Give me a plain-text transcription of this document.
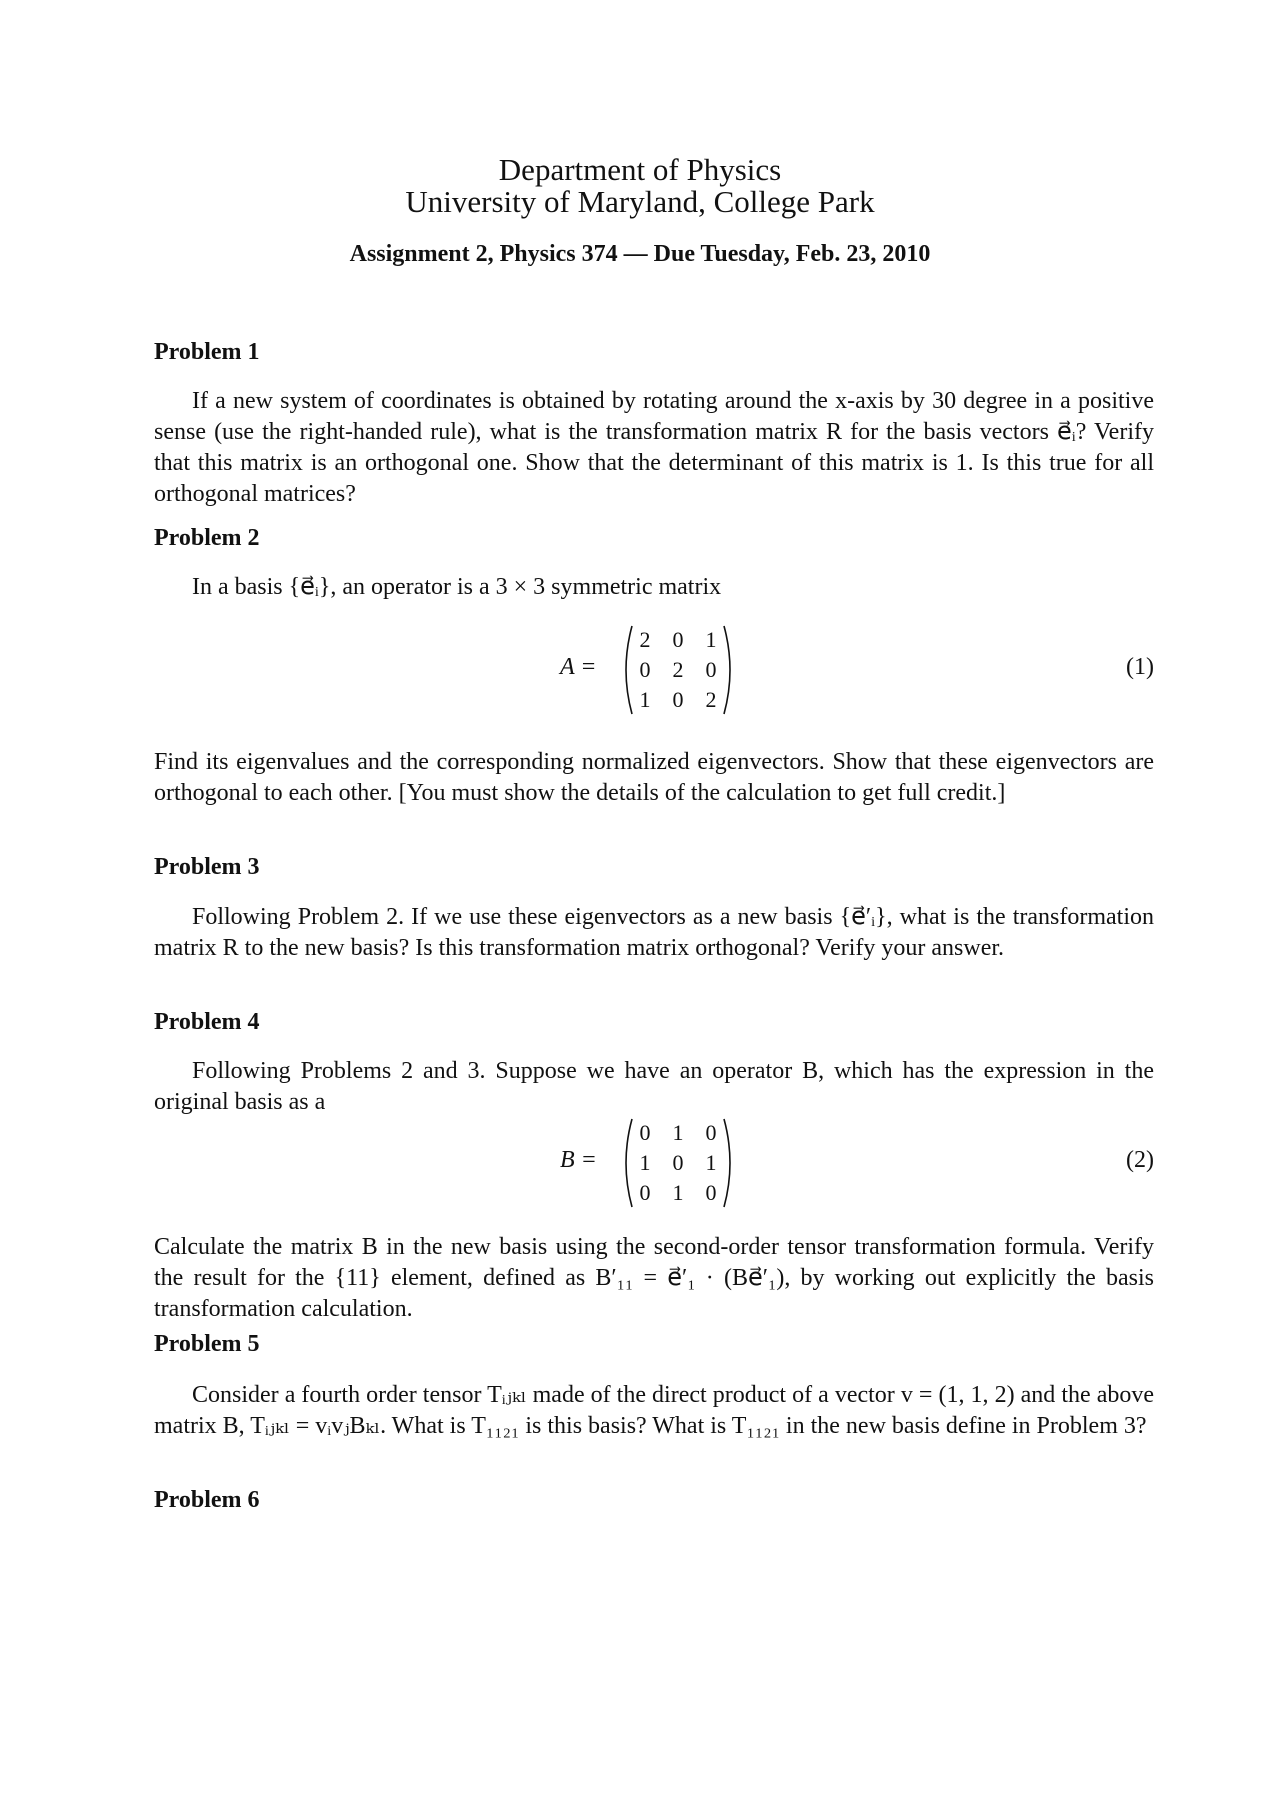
Department of Physics
University of Maryland, College Park
Assignment 2, Physics 374 — Due Tuesday, Feb. 23, 2010
Problem 1
If a new system of coordinates is obtained by rotating around the x-axis by 30 degree in a positive sense (use the right-handed rule), what is the transformation matrix R for the basis vectors e⃗ᵢ? Verify that this matrix is an orthogonal one. Show that the determinant of this matrix is 1. Is this true for all orthogonal matrices?
Problem 2
In a basis {e⃗ᵢ}, an operator is a 3 × 3 symmetric matrix
A =
2	0	1
0	2	0
1	0	2
(1)
Find its eigenvalues and the corresponding normalized eigenvectors. Show that these eigenvectors are orthogonal to each other. [You must show the details of the calculation to get full credit.]
Problem 3
Following Problem 2. If we use these eigenvectors as a new basis {e⃗′ᵢ}, what is the transformation matrix R to the new basis? Is this transformation matrix orthogonal? Verify your answer.
Problem 4
Following Problems 2 and 3. Suppose we have an operator B, which has the expression in the original basis as a
B =
0	1	0
1	0	1
0	1	0
(2)
Calculate the matrix B in the new basis using the second-order tensor transformation formula. Verify the result for the {11} element, defined as B′₁₁ = e⃗′₁ · (Be⃗′₁), by working out explicitly the basis transformation calculation.
Problem 5
Consider a fourth order tensor Tᵢⱼₖₗ made of the direct product of a vector v = (1, 1, 2) and the above matrix B, Tᵢⱼₖₗ = vᵢvⱼBₖₗ. What is T₁₁₂₁ is this basis? What is T₁₁₂₁ in the new basis define in Problem 3?
Problem 6
